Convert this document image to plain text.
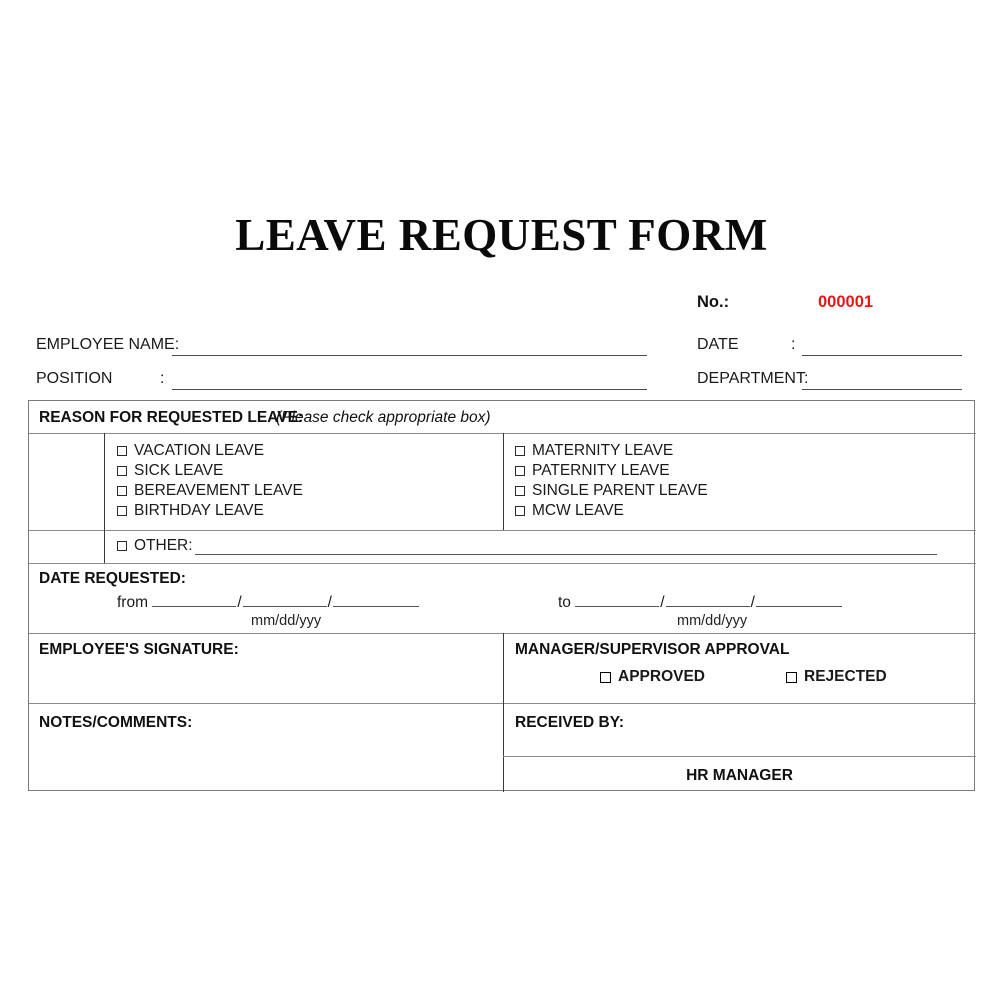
LEAVE REQUEST FORM
No.:	000001
EMPLOYEE NAME:	DATE	:
POSITION	:	DEPARTMENT:
REASON FOR REQUESTED LEAVE:
(Please check appropriate box)
VACATION LEAVE
SICK LEAVE
BEREAVEMENT LEAVE
BIRTHDAY LEAVE
MATERNITY LEAVE
PATERNITY LEAVE
SINGLE PARENT LEAVE
MCW LEAVE
OTHER:
DATE REQUESTED:
from	/	/
mm/dd/yyy
to	/	/
mm/dd/yyy
EMPLOYEE'S SIGNATURE:	MANAGER/SUPERVISOR APPROVAL
APPROVED	REJECTED
NOTES/COMMENTS:	RECEIVED BY:
HR MANAGER
